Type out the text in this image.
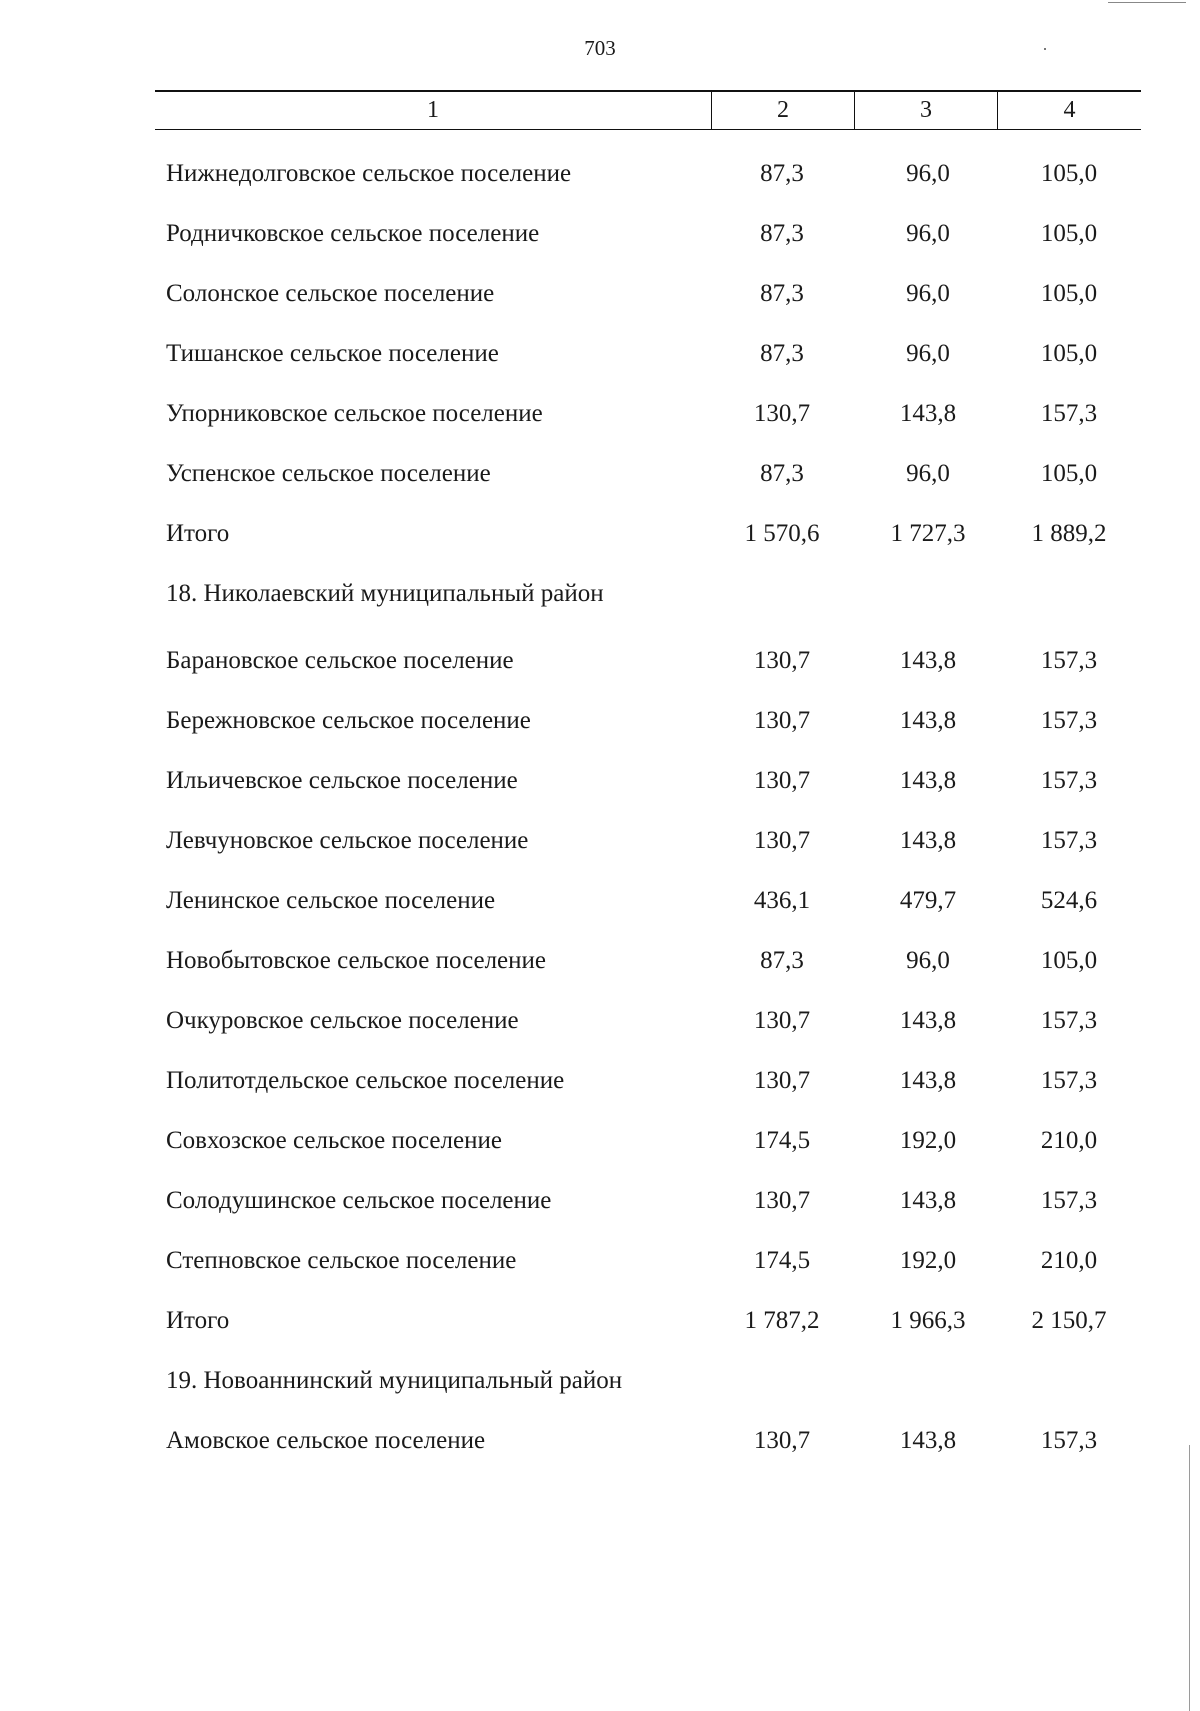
703
1	2	3	4
Нижнедолговское сельское поселение	87,3	96,0	105,0
Родничковское сельское поселение	87,3	96,0	105,0
Солонское сельское поселение	87,3	96,0	105,0
Тишанское сельское поселение	87,3	96,0	105,0
Упорниковское сельское поселение	130,7	143,8	157,3
Успенское сельское поселение	87,3	96,0	105,0
Итого	1 570,6	1 727,3	1 889,2
18. Николаевский муниципальный район
Барановское сельское поселение	130,7	143,8	157,3
Бережновское сельское поселение	130,7	143,8	157,3
Ильичевское сельское поселение	130,7	143,8	157,3
Левчуновское сельское поселение	130,7	143,8	157,3
Ленинское сельское поселение	436,1	479,7	524,6
Новобытовское сельское поселение	87,3	96,0	105,0
Очкуровское сельское поселение	130,7	143,8	157,3
Политотдельское сельское поселение	130,7	143,8	157,3
Совхозское сельское поселение	174,5	192,0	210,0
Солодушинское сельское поселение	130,7	143,8	157,3
Степновское сельское поселение	174,5	192,0	210,0
Итого	1 787,2	1 966,3	2 150,7
19. Новоаннинский муниципальный район
Амовское сельское поселение	130,7	143,8	157,3
